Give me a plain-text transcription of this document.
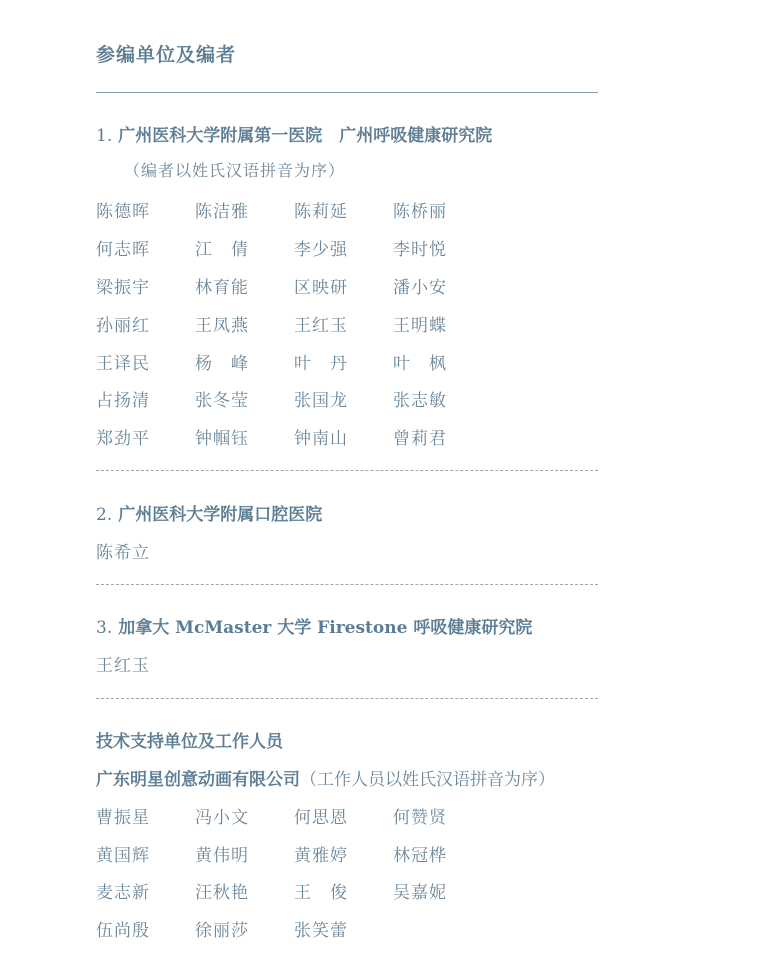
参编单位及编者
1. 广州医科大学附属第一医院　广州呼吸健康研究院
（编者以姓氏汉语拼音为序）
陈德晖	陈洁雅	陈莉延	陈桥丽
何志晖	江　倩	李少强	李时悦
梁振宇	林育能	区映研	潘小安
孙丽红	王凤燕	王红玉	王明蝶
王译民	杨　峰	叶　丹	叶　枫
占扬清	张冬莹	张国龙	张志敏
郑劲平	钟帼钰	钟南山	曾莉君
2. 广州医科大学附属口腔医院
陈希立
3. 加拿大 McMaster 大学 Firestone 呼吸健康研究院
王红玉
技术支持单位及工作人员
广东明星创意动画有限公司（工作人员以姓氏汉语拼音为序）
曹振星	冯小文	何思恩	何赞贤
黄国辉	黄伟明	黄雅婷	林冠桦
麦志新	汪秋艳	王　俊	吴嘉妮
伍尚殷	徐丽莎	张笑蕾
